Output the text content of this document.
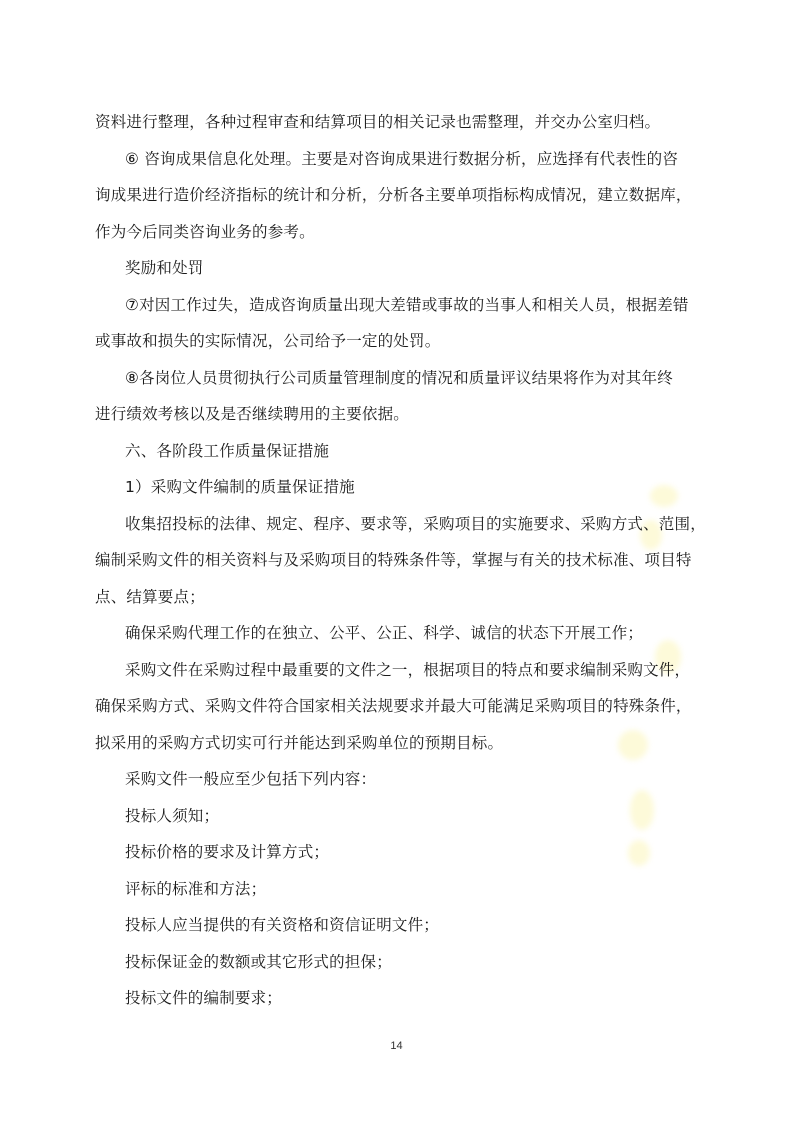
资料进行整理，各种过程审查和结算项目的相关记录也需整理，并交办公室归档。
⑥ 咨询成果信息化处理。主要是对咨询成果进行数据分析，应选择有代表性的咨
询成果进行造价经济指标的统计和分析，分析各主要单项指标构成情况，建立数据库，
作为今后同类咨询业务的参考。
奖励和处罚
⑦对因工作过失，造成咨询质量出现大差错或事故的当事人和相关人员，根据差错
或事故和损失的实际情况，公司给予一定的处罚。
⑧各岗位人员贯彻执行公司质量管理制度的情况和质量评议结果将作为对其年终
进行绩效考核以及是否继续聘用的主要依据。
六、各阶段工作质量保证措施
1）采购文件编制的质量保证措施
收集招投标的法律、规定、程序、要求等，采购项目的实施要求、采购方式、范围，
编制采购文件的相关资料与及采购项目的特殊条件等，掌握与有关的技术标准、项目特
点、结算要点；
确保采购代理工作的在独立、公平、公正、科学、诚信的状态下开展工作；
采购文件在采购过程中最重要的文件之一，根据项目的特点和要求编制采购文件，
确保采购方式、采购文件符合国家相关法规要求并最大可能满足采购项目的特殊条件，
拟采用的采购方式切实可行并能达到采购单位的预期目标。
采购文件一般应至少包括下列内容：
投标人须知；
投标价格的要求及计算方式；
评标的标准和方法；
投标人应当提供的有关资格和资信证明文件；
投标保证金的数额或其它形式的担保；
投标文件的编制要求；
14
